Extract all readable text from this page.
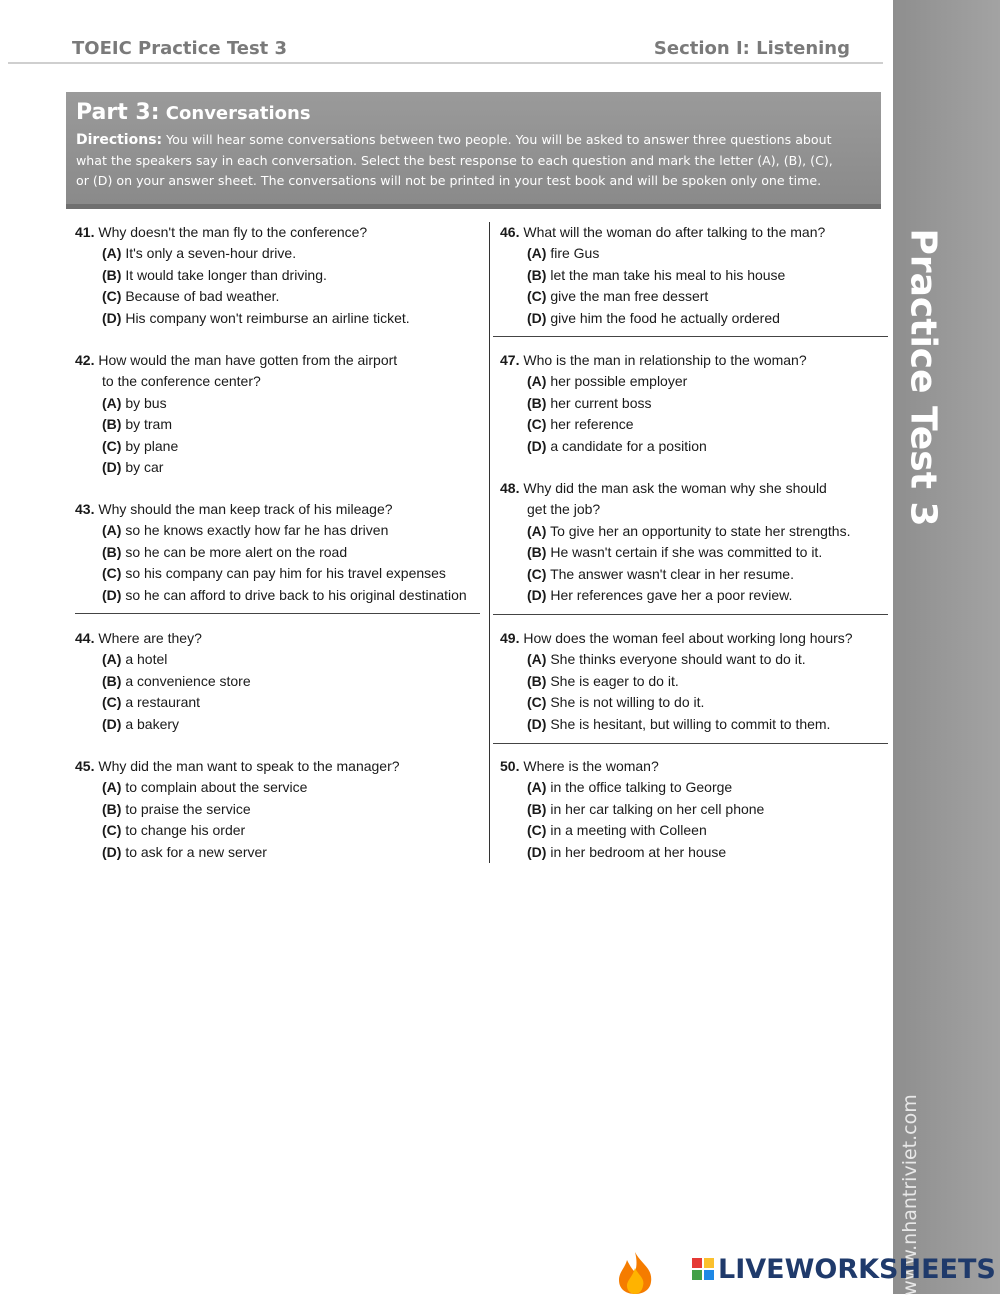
TOEIC Practice Test 3	Section I: Listening
Practice Test 3
www.nhantriviet.com
Part 3: Conversations
Directions: You will hear some conversations between two people. You will be asked to answer three questions about
what the speakers say in each conversation. Select the best response to each question and mark the letter (A), (B), (C),
or (D) on your answer sheet. The conversations will not be printed in your test book and will be spoken only one time.
41. Why doesn't the man fly to the conference?
(A) It's only a seven-hour drive.
(B) It would take longer than driving.
(C) Because of bad weather.
(D) His company won't reimburse an airline ticket.
42. How would the man have gotten from the airport
to the conference center?
(A) by bus
(B) by tram
(C) by plane
(D) by car
43. Why should the man keep track of his mileage?
(A) so he knows exactly how far he has driven
(B) so he can be more alert on the road
(C) so his company can pay him for his travel expenses
(D) so he can afford to drive back to his original destination
44. Where are they?
(A) a hotel
(B) a convenience store
(C) a restaurant
(D) a bakery
45. Why did the man want to speak to the manager?
(A) to complain about the service
(B) to praise the service
(C) to change his order
(D) to ask for a new server
46. What will the woman do after talking to the man?
(A) fire Gus
(B) let the man take his meal to his house
(C) give the man free dessert
(D) give him the food he actually ordered
47. Who is the man in relationship to the woman?
(A) her possible employer
(B) her current boss
(C) her reference
(D) a candidate for a position
48. Why did the man ask the woman why she should
get the job?
(A) To give her an opportunity to state her strengths.
(B) He wasn't certain if she was committed to it.
(C) The answer wasn't clear in her resume.
(D) Her references gave her a poor review.
49. How does the woman feel about working long hours?
(A) She thinks everyone should want to do it.
(B) She is eager to do it.
(C) She is not willing to do it.
(D) She is hesitant, but willing to commit to them.
50. Where is the woman?
(A) in the office talking to George
(B) in her car talking on her cell phone
(C) in a meeting with Colleen
(D) in her bedroom at her house
LIVEWORKSHEETS
